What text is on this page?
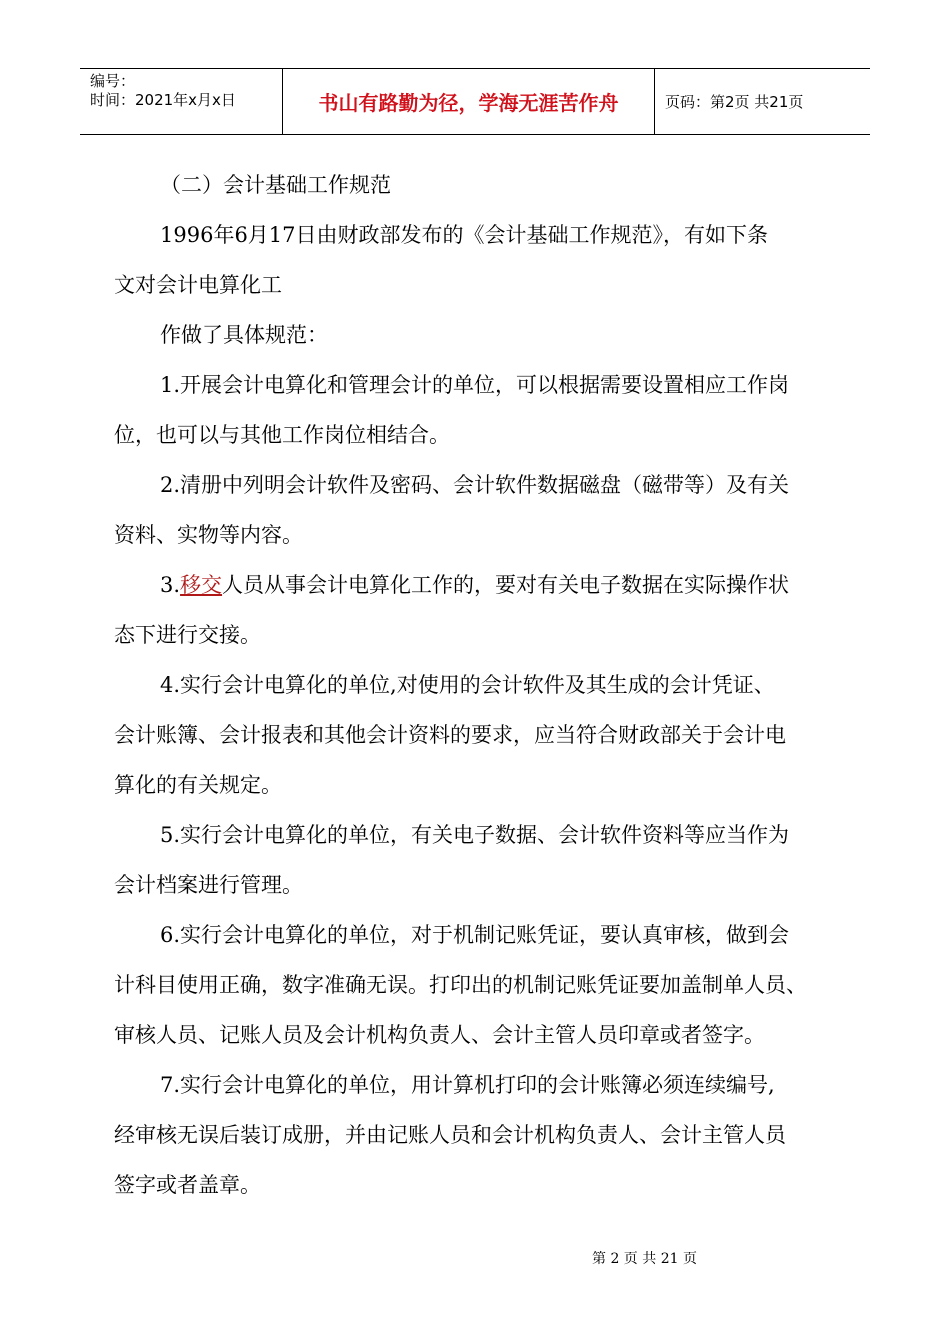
编号：
时间：2021年x月x日	书山有路勤为径，学海无涯苦作舟	页码：第2页 共21页
（二）会计基础工作规范
1996年6月17日由财政部发布的《会计基础工作规范》，有如下条
文对会计电算化工
作做了具体规范：
1.开展会计电算化和管理会计的单位，可以根据需要设置相应工作岗
位，也可以与其他工作岗位相结合。
2.清册中列明会计软件及密码、会计软件数据磁盘（磁带等）及有关
资料、实物等内容。
3.移交人员从事会计电算化工作的，要对有关电子数据在实际操作状
态下进行交接。
4.实行会计电算化的单位,对使用的会计软件及其生成的会计凭证、
会计账簿、会计报表和其他会计资料的要求，应当符合财政部关于会计电
算化的有关规定。
5.实行会计电算化的单位，有关电子数据、会计软件资料等应当作为
会计档案进行管理。
6.实行会计电算化的单位，对于机制记账凭证，要认真审核，做到会
计科目使用正确，数字准确无误。打印出的机制记账凭证要加盖制单人员、
审核人员、记账人员及会计机构负责人、会计主管人员印章或者签字。
7.实行会计电算化的单位，用计算机打印的会计账簿必须连续编号,
经审核无误后装订成册，并由记账人员和会计机构负责人、会计主管人员
签字或者盖章。
第 2 页 共 21 页
